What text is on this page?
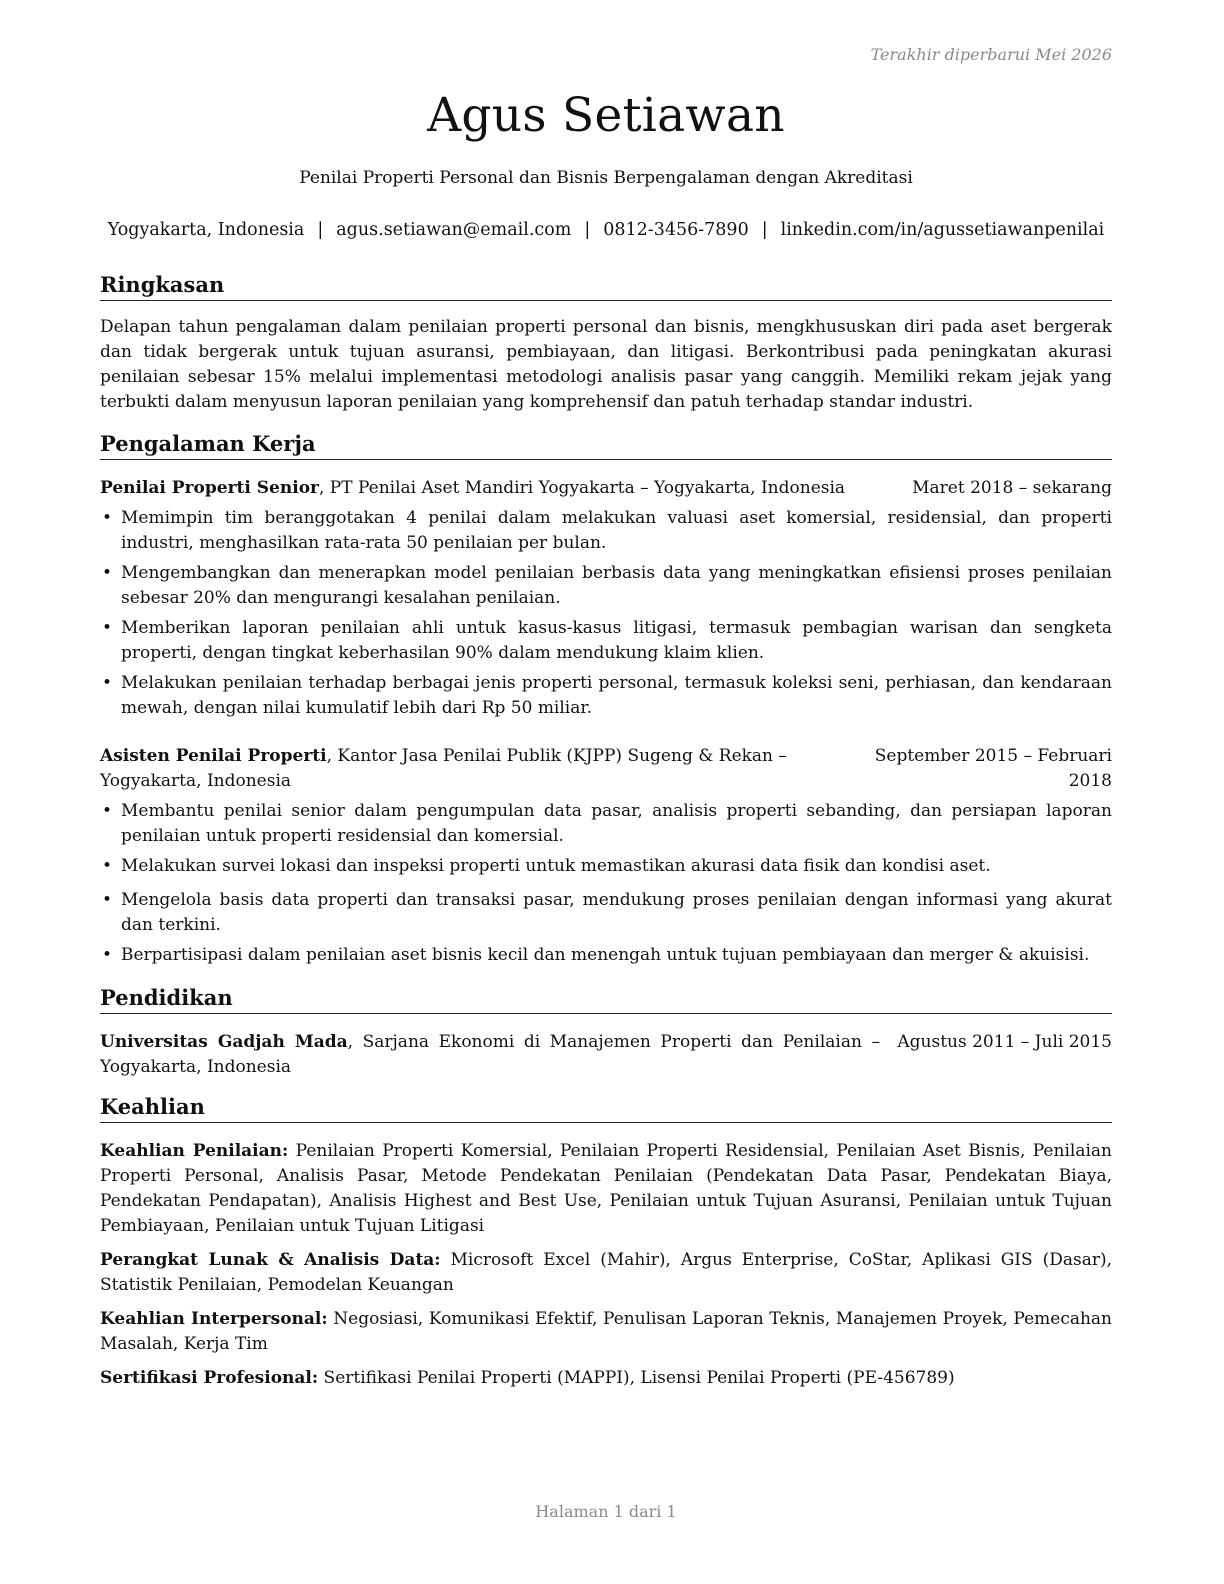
Terakhir diperbarui Mei 2026
Agus Setiawan
Penilai Properti Personal dan Bisnis Berpengalaman dengan Akreditasi
Yogyakarta, Indonesia | agus.setiawan@email.com | 0812-3456-7890 | linkedin.com/in/agussetiawanpenilai
Ringkasan

Delapan tahun pengalaman dalam penilaian properti personal dan bisnis, mengkhususkan diri pada aset bergerak dan tidak bergerak untuk tujuan asuransi, pembiayaan, dan litigasi. Berkontribusi pada peningkatan akurasi penilaian sebesar 15% melalui implementasi metodologi analisis pasar yang canggih. Memiliki rekam jejak yang terbukti dalam menyusun laporan penilaian yang komprehensif dan patuh terhadap standar industri.

Pengalaman Kerja
Penilai Properti Senior, PT Penilai Aset Mandiri Yogyakarta – Yogyakarta, Indonesia	Maret 2018 – sekarang
• Memimpin tim beranggotakan 4 penilai dalam melakukan valuasi aset komersial, residensial, dan properti industri, menghasilkan rata-rata 50 penilaian per bulan.
• Mengembangkan dan menerapkan model penilaian berbasis data yang meningkatkan efisiensi proses penilaian sebesar 20% dan mengurangi kesalahan penilaian.
• Memberikan laporan penilaian ahli untuk kasus-kasus litigasi, termasuk pembagian warisan dan sengketa properti, dengan tingkat keberhasilan 90% dalam mendukung klaim klien.
• Melakukan penilaian terhadap berbagai jenis properti personal, termasuk koleksi seni, perhiasan, dan kendaraan mewah, dengan nilai kumulatif lebih dari Rp 50 miliar.
Asisten Penilai Properti, Kantor Jasa Penilai Publik (KJPP) Sugeng & Rekan – Yogyakarta, Indonesia
September 2015 – Februari 2018
• Membantu penilai senior dalam pengumpulan data pasar, analisis properti sebanding, dan persiapan laporan penilaian untuk properti residensial dan komersial.
• Melakukan survei lokasi dan inspeksi properti untuk memastikan akurasi data fisik dan kondisi aset.
• Mengelola basis data properti dan transaksi pasar, mendukung proses penilaian dengan informasi yang akurat dan terkini.
• Berpartisipasi dalam penilaian aset bisnis kecil dan menengah untuk tujuan pembiayaan dan merger & akuisisi.
Pendidikan
Universitas Gadjah Mada, Sarjana Ekonomi di Manajemen Properti dan Penilaian – Yogyakarta, Indonesia
Agustus 2011 – Juli 2015
Keahlian

Keahlian Penilaian: Penilaian Properti Komersial, Penilaian Properti Residensial, Penilaian Aset Bisnis, Penilaian Properti Personal, Analisis Pasar, Metode Pendekatan Penilaian (Pendekatan Data Pasar, Pendekatan Biaya, Pendekatan Pendapatan), Analisis Highest and Best Use, Penilaian untuk Tujuan Asuransi, Penilaian untuk Tujuan Pembiayaan, Penilaian untuk Tujuan Litigasi

Perangkat Lunak & Analisis Data: Microsoft Excel (Mahir), Argus Enterprise, CoStar, Aplikasi GIS (Dasar), Statistik Penilaian, Pemodelan Keuangan

Keahlian Interpersonal: Negosiasi, Komunikasi Efektif, Penulisan Laporan Teknis, Manajemen Proyek, Pemecahan Masalah, Kerja Tim

Sertifikasi Profesional: Sertifikasi Penilai Properti (MAPPI), Lisensi Penilai Properti (PE-456789)

Halaman 1 dari 1
